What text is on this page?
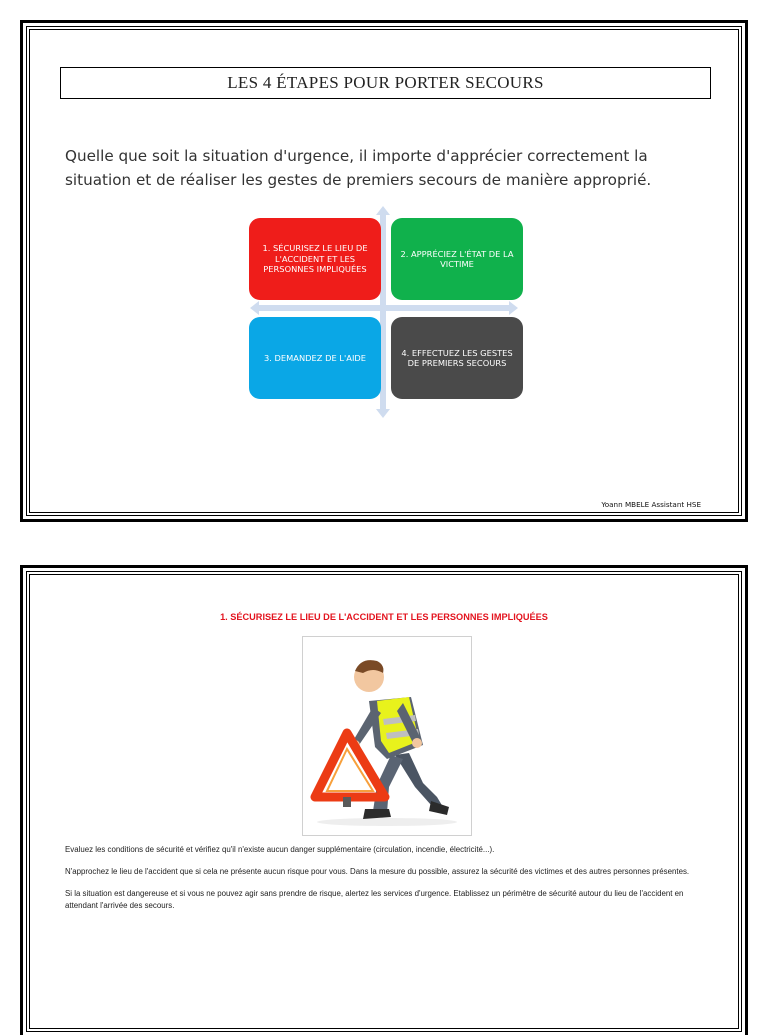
LES 4 ÉTAPES POUR PORTER SECOURS
Quelle que soit la situation d'urgence, il importe d'apprécier correctement la situation et de réaliser les gestes de premiers secours de manière approprié.
1. SÉCURISEZ LE LIEU DE L'ACCIDENT ET LES PERSONNES IMPLIQUÉES
2. APPRÉCIEZ L'ÉTAT DE LA VICTIME
3. DEMANDEZ DE L'AIDE
4. EFFECTUEZ LES GESTES DE PREMIERS SECOURS
Yoann MBELE Assistant HSE
1. SÉCURISEZ LE LIEU DE L'ACCIDENT ET LES PERSONNES IMPLIQUÉES

Evaluez les conditions de sécurité et vérifiez qu'il n'existe aucun danger supplémentaire (circulation, incendie, électricité...).

N'approchez le lieu de l'accident que si cela ne présente aucun risque pour vous. Dans la mesure du possible, assurez la sécurité des victimes et des autres personnes présentes.

Si la situation est dangereuse et si vous ne pouvez agir sans prendre de risque, alertez les services d'urgence. Etablissez un périmètre de sécurité autour du lieu de l'accident en attendant l'arrivée des secours.
